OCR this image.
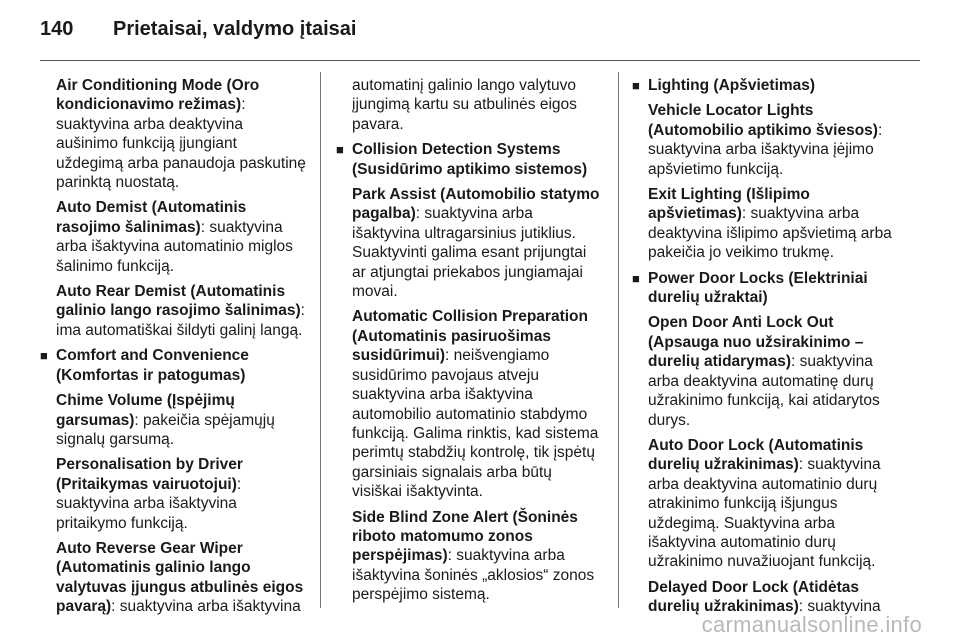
140 Prietaisai, valdymo įtaisai
Air Conditioning Mode (Oro kondicionavimo režimas): suaktyvina arba deaktyvina aušinimo funkciją įjungiant uždegimą arba panaudoja paskutinę parinktą nuostatą.
Auto Demist (Automatinis rasojimo šalinimas): suaktyvina arba išaktyvina automatinio miglos šalinimo funkciją.
Auto Rear Demist (Automatinis galinio lango rasojimo šalinimas): ima automatiškai šildyti galinį langą.
■ Comfort and Convenience (Komfortas ir patogumas)
Chime Volume (Įspėjimų garsumas): pakeičia spėjamųjų signalų garsumą.
Personalisation by Driver (Pritaikymas vairuotojui): suaktyvina arba išaktyvina pritaikymo funkciją.
Auto Reverse Gear Wiper (Automatinis galinio lango valytuvas įjungus atbulinės eigos pavarą): suaktyvina arba išaktyvina
automatinį galinio lango valytuvo įjungimą kartu su atbulinės eigos pavara.
■ Collision Detection Systems (Susidūrimo aptikimo sistemos)
Park Assist (Automobilio statymo pagalba): suaktyvina arba išaktyvina ultragarsinius jutiklius. Suaktyvinti galima esant prijungtai ar atjungtai priekabos jungiamajai movai.
Automatic Collision Preparation (Automatinis pasiruošimas susidūrimui): neišvengiamo susidūrimo pavojaus atveju suaktyvina arba išaktyvina automobilio automatinio stabdymo funkciją. Galima rinktis, kad sistema perimtų stabdžių kontrolę, tik įspėtų garsiniais signalais arba būtų visiškai išaktyvinta.
Side Blind Zone Alert (Šoninės riboto matomumo zonos perspėjimas): suaktyvina arba išaktyvina šoninės „aklosios“ zonos perspėjimo sistemą.
■ Lighting (Apšvietimas)
Vehicle Locator Lights (Automobilio aptikimo šviesos): suaktyvina arba išaktyvina įėjimo apšvietimo funkciją.
Exit Lighting (Išlipimo apšvietimas): suaktyvina arba deaktyvina išlipimo apšvietimą arba pakeičia jo veikimo trukmę.
■ Power Door Locks (Elektriniai durelių užraktai)
Open Door Anti Lock Out (Apsauga nuo užsirakinimo – durelių atidarymas): suaktyvina arba deaktyvina automatinę durų užrakinimo funkciją, kai atidarytos durys.
Auto Door Lock (Automatinis durelių užrakinimas): suaktyvina arba deaktyvina automatinio durų atrakinimo funkciją išjungus uždegimą. Suaktyvina arba išaktyvina automatinio durų užrakinimo nuvažiuojant funkciją.
Delayed Door Lock (Atidėtas durelių užrakinimas): suaktyvina
carmanualsonline.info
